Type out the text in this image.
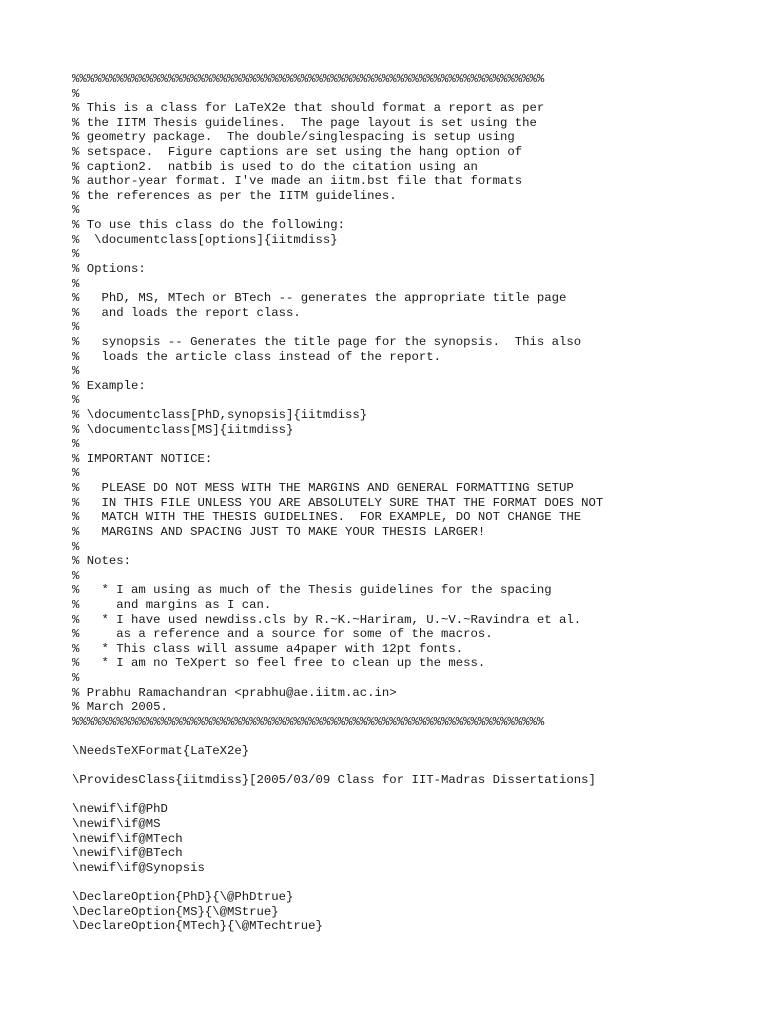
%%%%%%%%%%%%%%%%%%%%%%%%%%%%%%%%%%%%%%%%%%%%%%%%%%%%%%%%%%%%%%%%
%
% This is a class for LaTeX2e that should format a report as per
% the IITM Thesis guidelines.  The page layout is set using the
% geometry package.  The double/singlespacing is setup using
% setspace.  Figure captions are set using the hang option of
% caption2.  natbib is used to do the citation using an
% author-year format. I've made an iitm.bst file that formats
% the references as per the IITM guidelines.
%
% To use this class do the following:
%  \documentclass[options]{iitmdiss}
%
% Options:
%
%   PhD, MS, MTech or BTech -- generates the appropriate title page
%   and loads the report class.
%
%   synopsis -- Generates the title page for the synopsis.  This also
%   loads the article class instead of the report.
%
% Example:
%
% \documentclass[PhD,synopsis]{iitmdiss}
% \documentclass[MS]{iitmdiss}
%
% IMPORTANT NOTICE:
%
%   PLEASE DO NOT MESS WITH THE MARGINS AND GENERAL FORMATTING SETUP
%   IN THIS FILE UNLESS YOU ARE ABSOLUTELY SURE THAT THE FORMAT DOES NOT
%   MATCH WITH THE THESIS GUIDELINES.  FOR EXAMPLE, DO NOT CHANGE THE
%   MARGINS AND SPACING JUST TO MAKE YOUR THESIS LARGER!
%
% Notes:
%
%   * I am using as much of the Thesis guidelines for the spacing
%     and margins as I can.
%   * I have used newdiss.cls by R.~K.~Hariram, U.~V.~Ravindra et al.
%     as a reference and a source for some of the macros.
%   * This class will assume a4paper with 12pt fonts.
%   * I am no TeXpert so feel free to clean up the mess.
%
% Prabhu Ramachandran <prabhu@ae.iitm.ac.in>
% March 2005.
%%%%%%%%%%%%%%%%%%%%%%%%%%%%%%%%%%%%%%%%%%%%%%%%%%%%%%%%%%%%%%%%
\NeedsTeXFormat{LaTeX2e}
\ProvidesClass{iitmdiss}[2005/03/09 Class for IIT-Madras Dissertations]
\newif\if@PhD
\newif\if@MS
\newif\if@MTech
\newif\if@BTech
\newif\if@Synopsis
\DeclareOption{PhD}{\@PhDtrue}
\DeclareOption{MS}{\@MStrue}
\DeclareOption{MTech}{\@MTechtrue}
